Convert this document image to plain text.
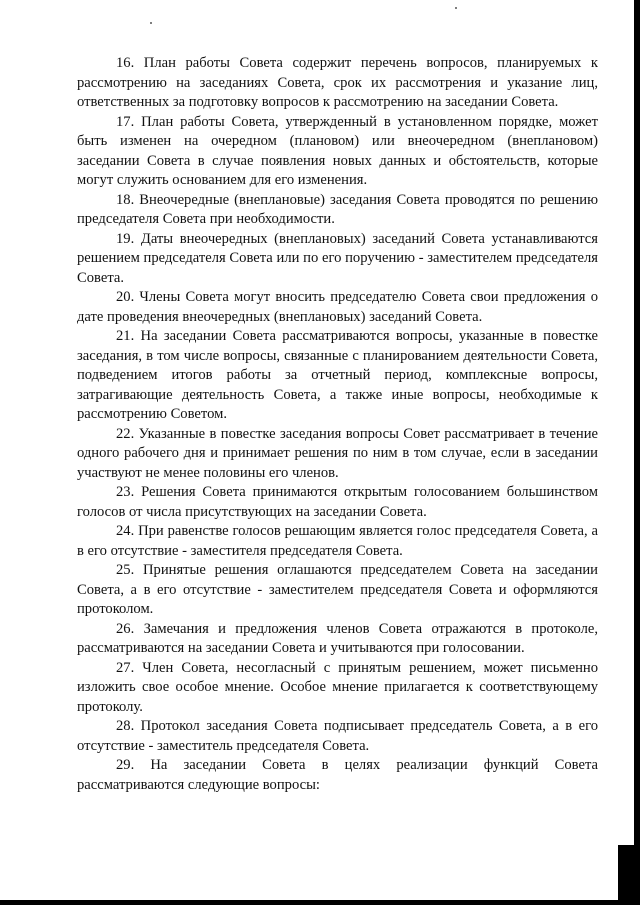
16. План работы Совета содержит перечень вопросов, планируемых к рассмотрению на заседаниях Совета, срок их рассмотрения и указание лиц, ответственных за подготовку вопросов к рассмотрению на заседании Совета.

17. План работы Совета, утвержденный в установленном порядке, может быть изменен на очередном (плановом) или внеочередном (внеплановом) заседании Совета в случае появления новых данных и обстоятельств, которые могут служить основанием для его изменения.

18. Внеочередные (внеплановые) заседания Совета проводятся по решению председателя Совета при необходимости.

19. Даты внеочередных (внеплановых) заседаний Совета устанавливаются решением председателя Совета или по его поручению - заместителем председателя Совета.

20. Члены Совета могут вносить председателю Совета свои предложения о дате проведения внеочередных (внеплановых) заседаний Совета.

21. На заседании Совета рассматриваются вопросы, указанные в повестке заседания, в том числе вопросы, связанные с планированием деятельности Совета, подведением итогов работы за отчетный период, комплексные вопросы, затрагивающие деятельность Совета, а также иные вопросы, необходимые к рассмотрению Советом.

22. Указанные в повестке заседания вопросы Совет рассматривает в течение одного рабочего дня и принимает решения по ним в том случае, если в заседании участвуют не менее половины его членов.

23. Решения Совета принимаются открытым голосованием большинством голосов от числа присутствующих на заседании Совета.

24. При равенстве голосов решающим является голос председателя Совета, а в его отсутствие - заместителя председателя Совета.

25. Принятые решения оглашаются председателем Совета на заседании Совета, а в его отсутствие - заместителем председателя Совета и оформляются протоколом.

26. Замечания и предложения членов Совета отражаются в протоколе, рассматриваются на заседании Совета и учитываются при голосовании.

27. Член Совета, несогласный с принятым решением, может письменно изложить свое особое мнение. Особое мнение прилагается к соответствующему протоколу.

28. Протокол заседания Совета подписывает председатель Совета, а в его отсутствие - заместитель председателя Совета.

29. На заседании Совета в целях реализации функций Совета рассматриваются следующие вопросы:
